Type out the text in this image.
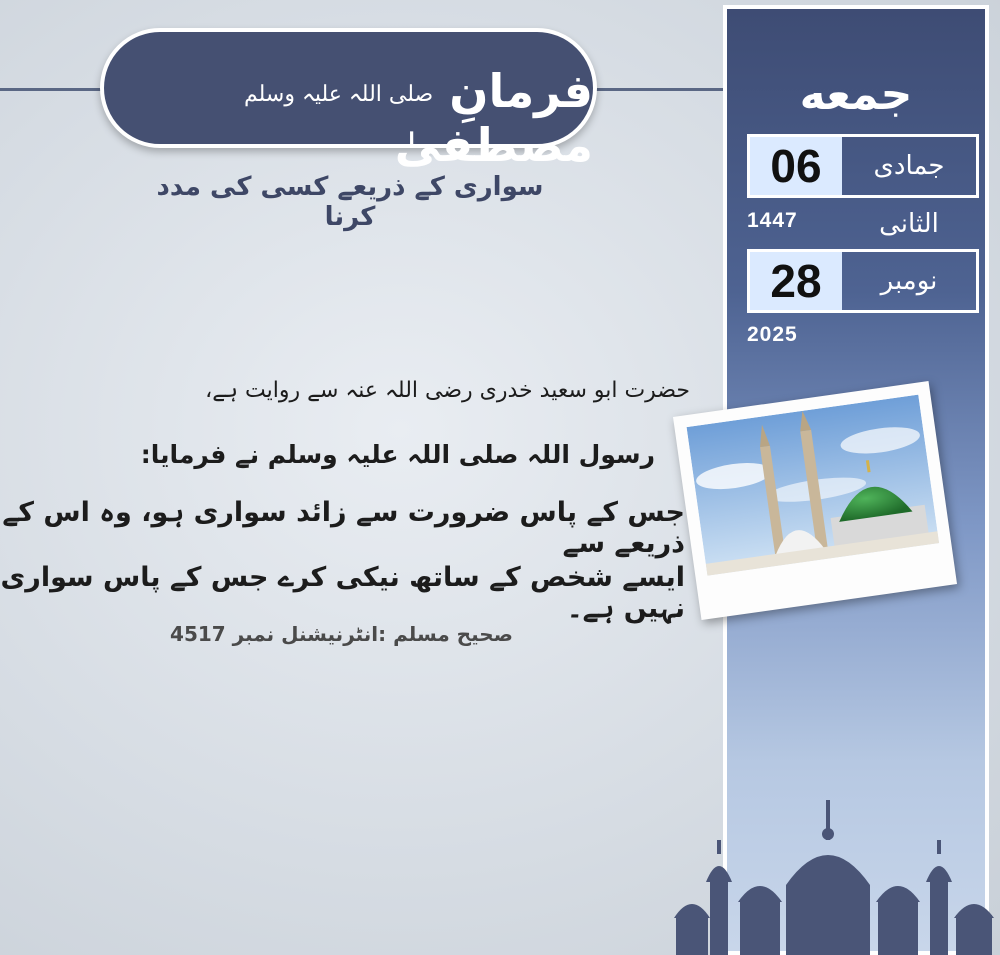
فرمانِ مصطفیٰ
صلی اللہ علیہ وسلم
سواری کے ذریعے کسی کی مدد کرنا
جمعه
06	جمادی الثانی
1447
28	نومبر
2025
حضرت ابو سعید خدری رضی اللہ عنہ سے روایت ہے،
رسول اللہ صلی اللہ علیہ وسلم نے فرمایا:
جس کے پاس ضرورت سے زائد سواری ہو، وہ اس کے ذریعے سے
ایسے شخص کے ساتھ نیکی کرے جس کے پاس سواری نہیں ہے۔
صحیح مسلم :انٹرنیشنل نمبر 4517
